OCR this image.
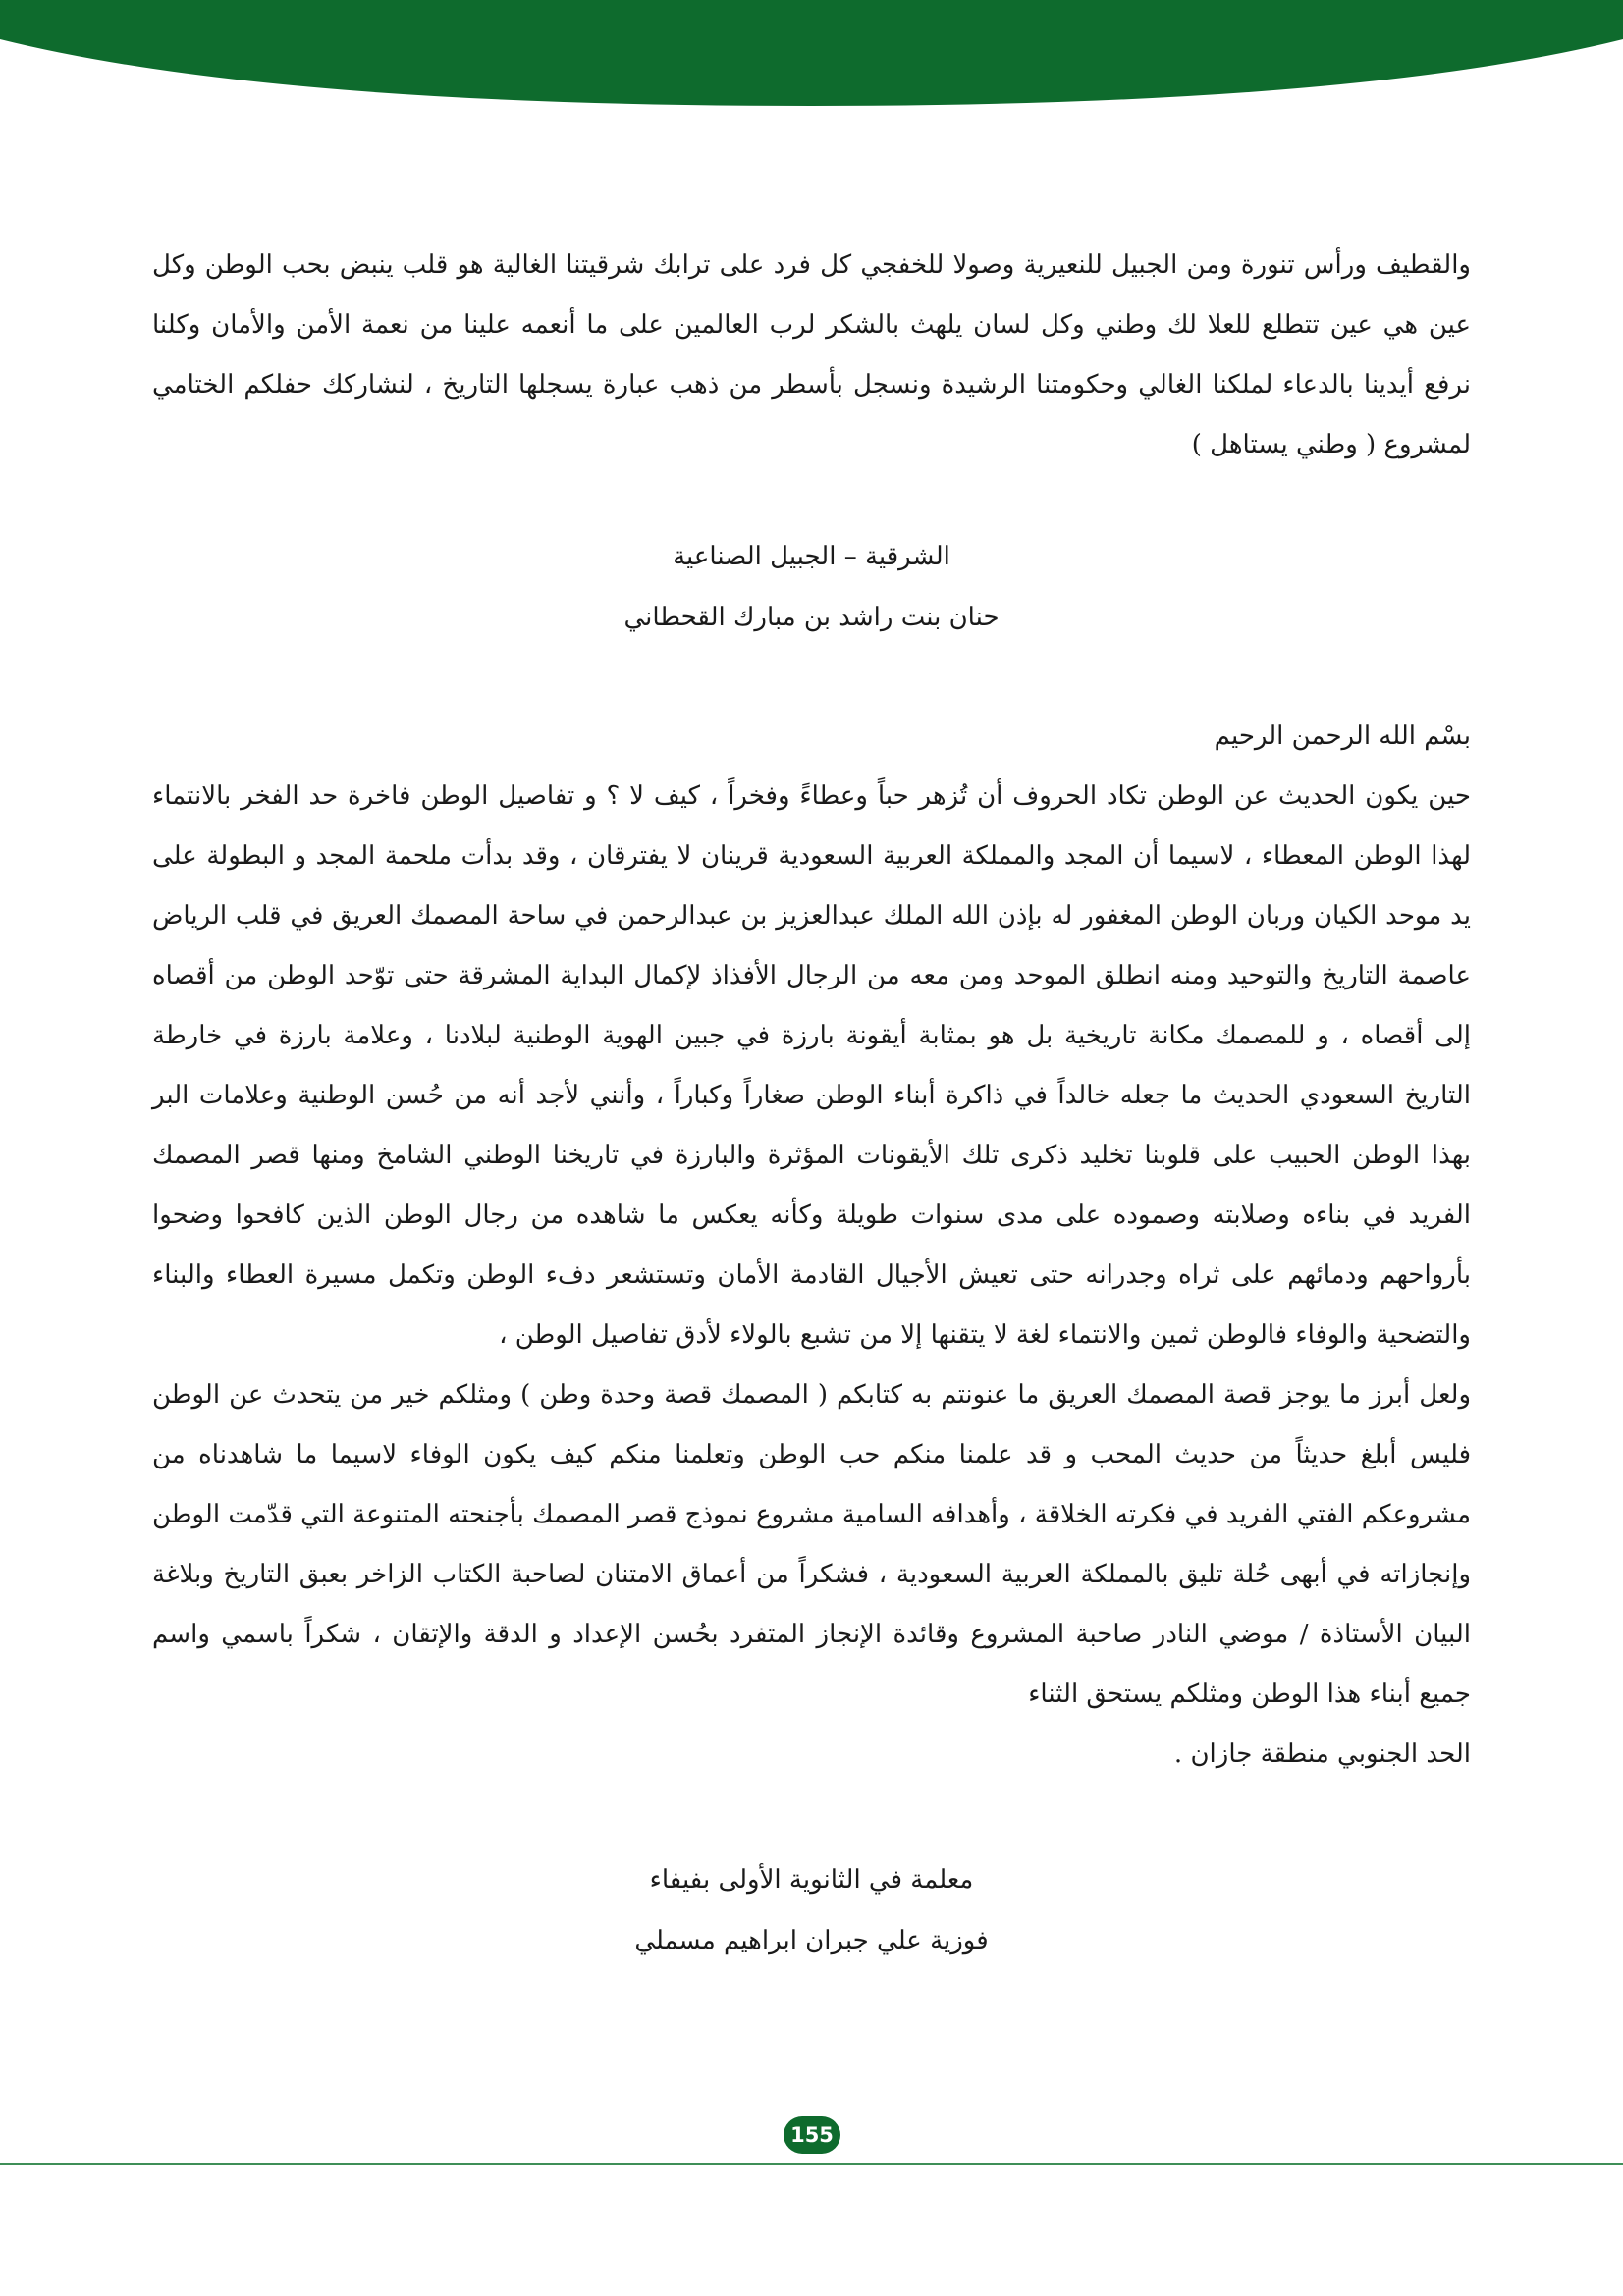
والقطيف ورأس تنورة ومن الجبيل للنعيرية وصولا للخفجي كل فرد على ترابك شرقيتنا الغالية هو قلب ينبض بحب الوطن وكل عين هي عين تتطلع للعلا لك وطني وكل لسان يلهث بالشكر لرب العالمين على ما أنعمه علينا من نعمة الأمن والأمان وكلنا نرفع أيدينا بالدعاء لملكنا الغالي وحكومتنا الرشيدة ونسجل بأسطر من ذهب عبارة يسجلها التاريخ ، لنشاركك حفلكم الختامي لمشروع ( وطني يستاهل )

الشرقية – الجبيل الصناعية
حنان بنت راشد بن مبارك القحطاني

بسْم الله الرحمن الرحيم

حين يكون الحديث عن الوطن تكاد الحروف أن تُزهر حباً وعطاءً وفخراً ، كيف لا ؟ و تفاصيل الوطن فاخرة حد الفخر بالانتماء لهذا الوطن المعطاء ، لاسيما أن المجد والمملكة العربية السعودية قرينان لا يفترقان ، وقد بدأت ملحمة المجد و البطولة على يد موحد الكيان وربان الوطن المغفور له بإذن الله الملك عبدالعزيز بن عبدالرحمن في ساحة المصمك العريق في قلب الرياض عاصمة التاريخ والتوحيد ومنه انطلق الموحد ومن معه من الرجال الأفذاذ لإكمال البداية المشرقة حتى توّحد الوطن من أقصاه إلى أقصاه ، و للمصمك مكانة تاريخية بل هو بمثابة أيقونة بارزة في جبين الهوية الوطنية لبلادنا ، وعلامة بارزة في خارطة التاريخ السعودي الحديث ما جعله خالداً في ذاكرة أبناء الوطن صغاراً وكباراً ، وأنني لأجد أنه من حُسن الوطنية وعلامات البر بهذا الوطن الحبيب على قلوبنا تخليد ذكرى تلك الأيقونات المؤثرة والبارزة في تاريخنا الوطني الشامخ ومنها قصر المصمك الفريد في بناءه وصلابته وصموده على مدى سنوات طويلة وكأنه يعكس ما شاهده من رجال الوطن الذين كافحوا وضحوا بأرواحهم ودمائهم على ثراه وجدرانه حتى تعيش الأجيال القادمة الأمان وتستشعر دفء الوطن وتكمل مسيرة العطاء والبناء والتضحية والوفاء فالوطن ثمين والانتماء لغة لا يتقنها إلا من تشبع بالولاء لأدق تفاصيل الوطن ،

ولعل أبرز ما يوجز قصة المصمك العريق ما عنونتم به كتابكم ( المصمك قصة وحدة وطن ) ومثلكم خير من يتحدث عن الوطن فليس أبلغ حديثاً من حديث المحب و قد علمنا منكم حب الوطن وتعلمنا منكم كيف يكون الوفاء لاسيما ما شاهدناه من مشروعكم الفتي الفريد في فكرته الخلاقة ، وأهدافه السامية مشروع نموذج قصر المصمك بأجنحته المتنوعة التي قدّمت الوطن وإنجازاته في أبهى حُلة تليق بالمملكة العربية السعودية ، فشكراً من أعماق الامتنان لصاحبة الكتاب الزاخر بعبق التاريخ وبلاغة البيان الأستاذة / موضي النادر صاحبة المشروع وقائدة الإنجاز المتفرد بحُسن الإعداد و الدقة والإتقان ، شكراً باسمي واسم جميع أبناء هذا الوطن ومثلكم يستحق الثناء

الحد الجنوبي منطقة جازان .

معلمة في الثانوية الأولى بفيفاء
فوزية علي جبران ابراهيم مسملي
155
